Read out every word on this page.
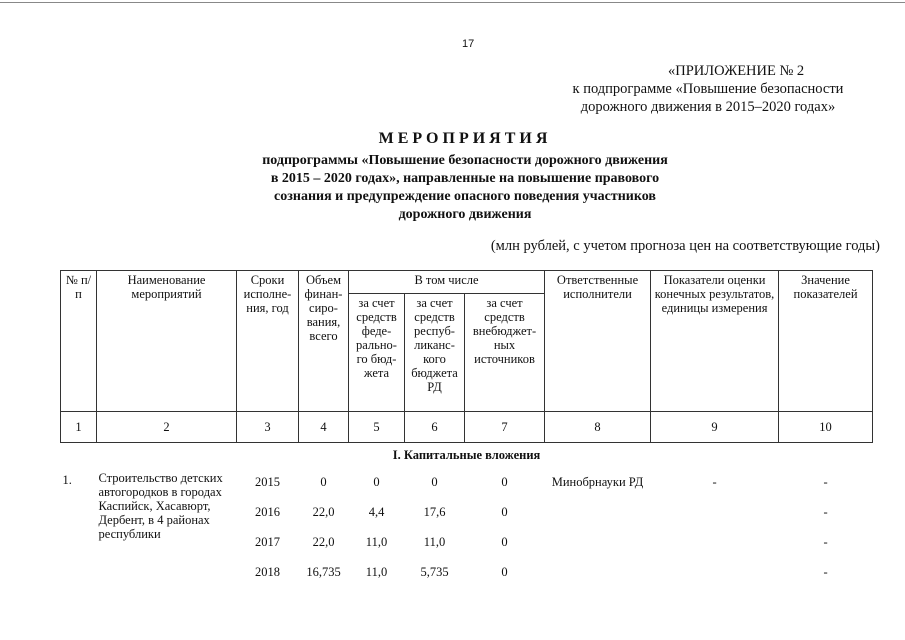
17
«ПРИЛОЖЕНИЕ № 2
к подпрограмме «Повышение безопасности
дорожного движения в 2015–2020 годах»
МЕРОПРИЯТИЯ
подпрограммы «Повышение безопасности дорожного движения
в 2015 – 2020 годах», направленные на повышение правового
сознания и предупреждение опасного поведения участников
дорожного движения
(млн рублей, с учетом прогноза цен на соответствующие годы)
№ п/п	Наименование мероприятий	Сроки исполне-ния, год	Объем финан-сиро-вания, всего	В том числе			Ответственные исполнители	Показатели оценки конечных результатов, единицы измерения	Значение показателей
				за счет средств феде-рально-го бюд-жета	за счет средств респуб-ликанс-кого бюджета РД	за счет средств внебюджет-ных источников			
1	2	3	4	5	6	7	8	9	10
I. Капитальные вложения									
1.	Строительство детских автогородков в городах Каспийск, Хасавюрт, Дербент, в 4 районах республики	2015	0	0	0	0	Минобрнауки РД	-	-
		2016	22,0	4,4	17,6	0			-
		2017	22,0	11,0	11,0	0			-
		2018	16,735	11,0	5,735	0			-
